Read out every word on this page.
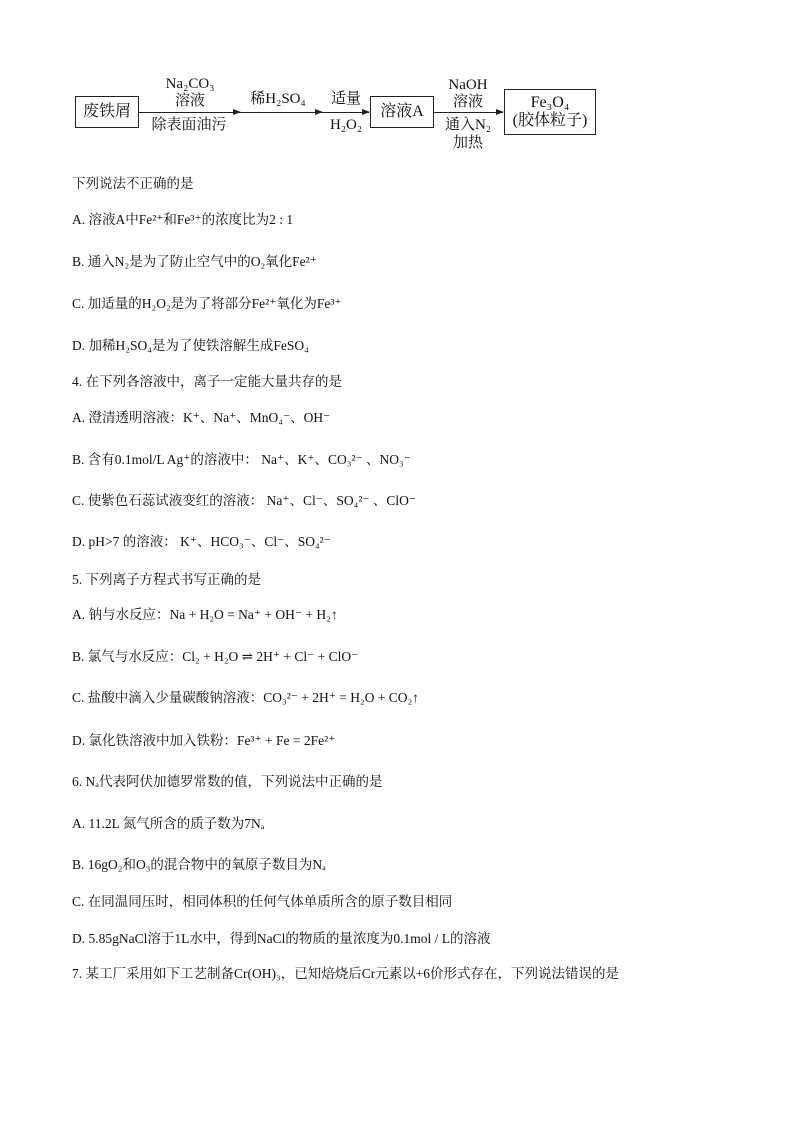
废铁屑
Na₂CO₃
溶液
除表面油污
稀H₂SO₄	适量
H₂O₂
溶液A
NaOH
溶液
通入N₂
加热
Fe₃O₄
(胶体粒子)
下列说法不正确的是
A. 溶液A中Fe²⁺和Fe³⁺的浓度比为2 : 1
B. 通入N₂是为了防止空气中的O₂氧化Fe²⁺
C. 加适量的H₂O₂是为了将部分Fe²⁺氧化为Fe³⁺
D. 加稀H₂SO₄是为了使铁溶解生成FeSO₄
4. 在下列各溶液中，离子一定能大量共存的是
A. 澄清透明溶液：K⁺、Na⁺、MnO₄⁻、OH⁻
B. 含有0.1mol/L Ag⁺的溶液中： Na⁺、K⁺、CO₃²⁻ 、NO₃⁻
C. 使紫色石蕊试液变红的溶液： Na⁺、Cl⁻、SO₄²⁻ 、ClO⁻
D. pH>7 的溶液： K⁺、HCO₃⁻、Cl⁻、SO₄²⁻
5. 下列离子方程式书写正确的是
A. 钠与水反应：Na + H₂O = Na⁺ + OH⁻ + H₂↑
B. 氯气与水反应：Cl₂ + H₂O ⇌ 2H⁺ + Cl⁻ + ClO⁻
C. 盐酸中滴入少量碳酸钠溶液：CO₃²⁻ + 2H⁺ = H₂O + CO₂↑
D. 氯化铁溶液中加入铁粉：Fe³⁺ + Fe = 2Fe²⁺
6. Nₐ代表阿伏加德罗常数的值，下列说法中正确的是
A. 11.2L 氮气所含的质子数为7Nₐ
B. 16gO₂和O₃的混合物中的氧原子数目为Nₐ
C. 在同温同压时，相同体积的任何气体单质所含的原子数目相同
D. 5.85gNaCl溶于1L水中，得到NaCl的物质的量浓度为0.1mol / L的溶液
7. 某工厂采用如下工艺制备Cr(OH)₃，已知焙烧后Cr元素以+6价形式存在，下列说法错误的是
